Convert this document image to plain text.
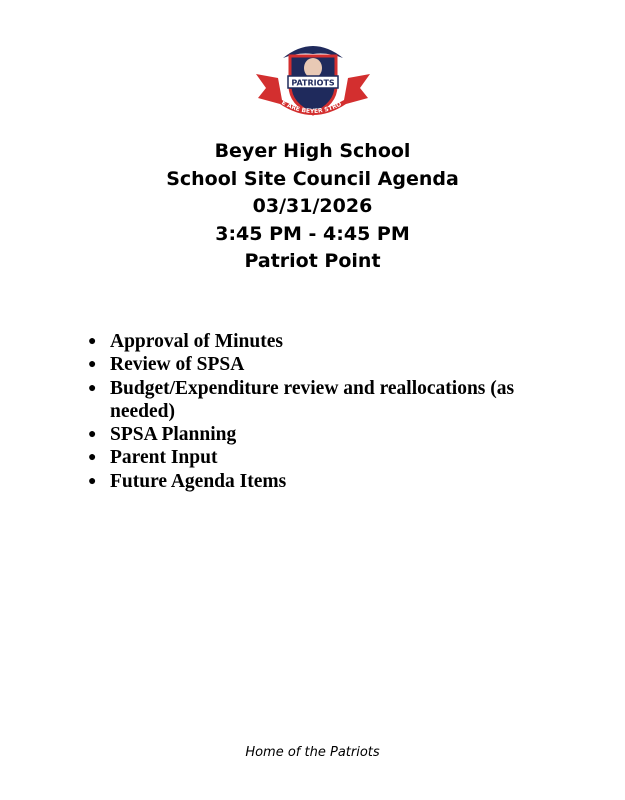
PATRIOTS
E ARE BEYER STRO
Beyer High School
School Site Council Agenda
03/31/2026
3:45 PM - 4:45 PM
Patriot Point
● Approval of Minutes
● Review of SPSA
● Budget/Expenditure review and reallocations (as needed)
● SPSA Planning
● Parent Input
● Future Agenda Items
Home of the Patriots
